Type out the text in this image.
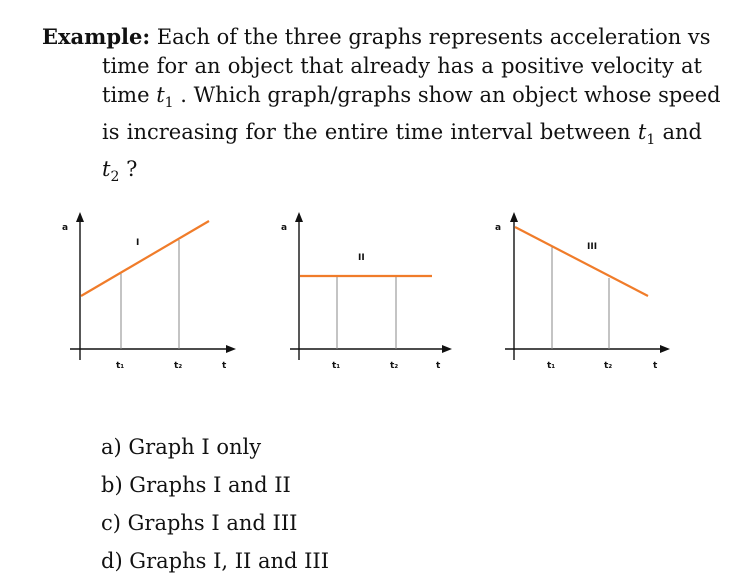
Example: Each of the three graphs represents acceleration vs
time for an object that already has a positive velocity at
time $t_1$ . Which graph/graphs show an object whose speed
is increasing for the entire time interval between $t_1$ and
$t_2$ ?
a
I
t₁	t₂	t
a
II
t₁	t₂	t
a
III
t₁	t₂	t
a) Graph I only
b) Graphs I and II
c) Graphs I and III
d) Graphs I, II and III
